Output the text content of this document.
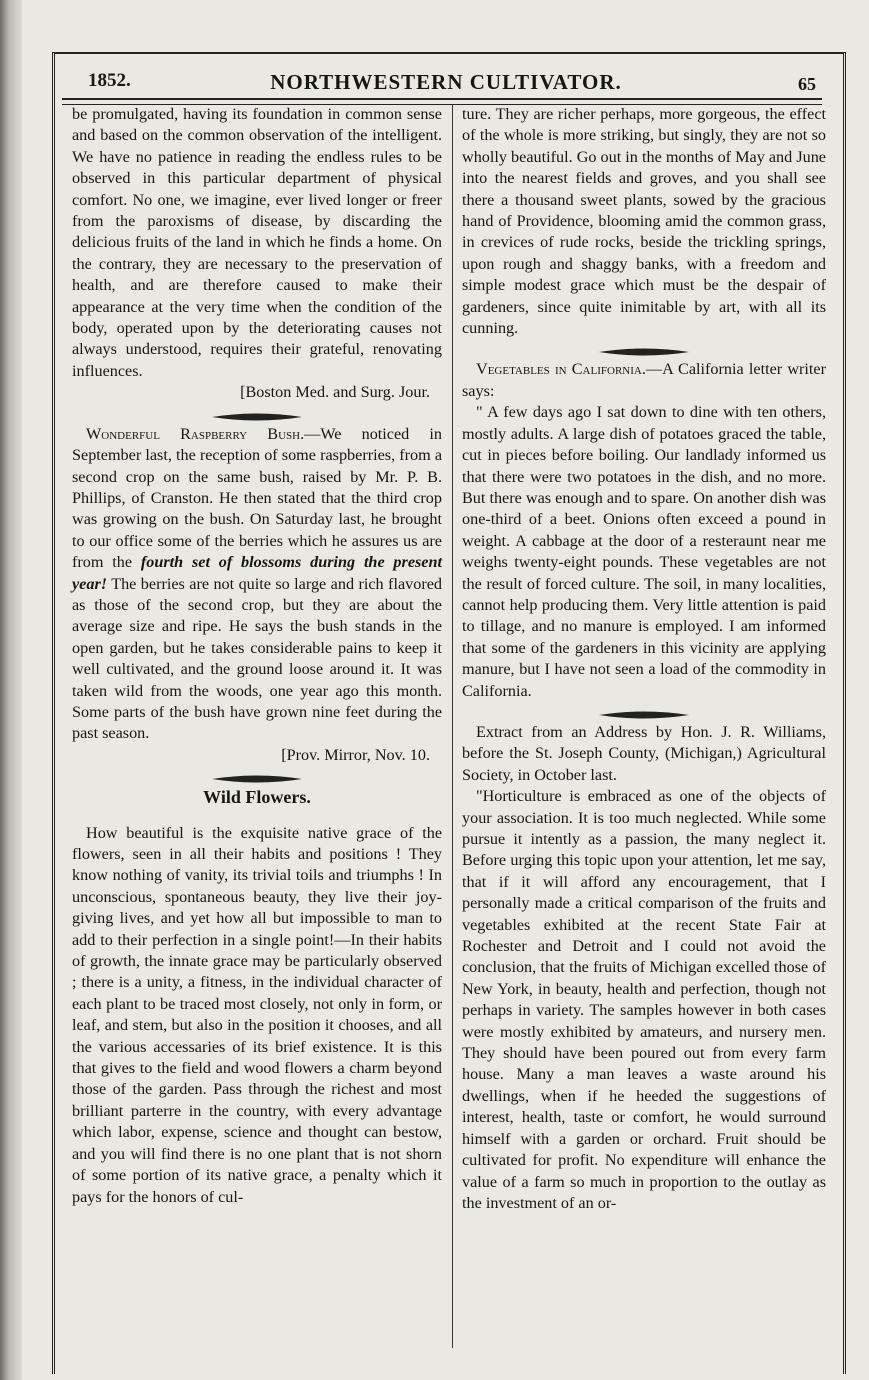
1852.	NORTHWESTERN CULTIVATOR.	65

be promulgated, having its foundation in common sense and based on the common observation of the intelligent. We have no patience in reading the endless rules to be observed in this particular department of physical comfort. No one, we imagine, ever lived longer or freer from the paroxisms of disease, by discarding the delicious fruits of the land in which he finds a home. On the contrary, they are necessary to the preservation of health, and are therefore caused to make their appearance at the very time when the condition of the body, operated upon by the deteriorating causes not always understood, requires their grateful, renovating influences.

[Boston Med. and Surg. Jour.

Wonderful Raspberry Bush.—We noticed in September last, the reception of some raspberries, from a second crop on the same bush, raised by Mr. P. B. Phillips, of Cranston. He then stated that the third crop was growing on the bush. On Saturday last, he brought to our office some of the berries which he assures us are from the fourth set of blossoms during the present year! The berries are not quite so large and rich flavored as those of the second crop, but they are about the average size and ripe. He says the bush stands in the open garden, but he takes considerable pains to keep it well cultivated, and the ground loose around it. It was taken wild from the woods, one year ago this month. Some parts of the bush have grown nine feet during the past season.

[Prov. Mirror, Nov. 10.

Wild Flowers.

How beautiful is the exquisite native grace of the flowers, seen in all their habits and positions ! They know nothing of vanity, its trivial toils and triumphs ! In unconscious, spontaneous beauty, they live their joy-giving lives, and yet how all but impossible to man to add to their perfection in a single point!—In their habits of growth, the innate grace may be particularly observed ; there is a unity, a fitness, in the individual character of each plant to be traced most closely, not only in form, or leaf, and stem, but also in the position it chooses, and all the various accessaries of its brief existence. It is this that gives to the field and wood flowers a charm beyond those of the garden. Pass through the richest and most brilliant parterre in the country, with every advantage which labor, expense, science and thought can bestow, and you will find there is no one plant that is not shorn of some portion of its native grace, a penalty which it pays for the honors of cul-

ture. They are richer perhaps, more gorgeous, the effect of the whole is more striking, but singly, they are not so wholly beautiful. Go out in the months of May and June into the nearest fields and groves, and you shall see there a thousand sweet plants, sowed by the gracious hand of Providence, blooming amid the common grass, in crevices of rude rocks, beside the trickling springs, upon rough and shaggy banks, with a freedom and simple modest grace which must be the despair of gardeners, since quite inimitable by art, with all its cunning.

Vegetables in California.—A California letter writer says:

" A few days ago I sat down to dine with ten others, mostly adults. A large dish of potatoes graced the table, cut in pieces before boiling. Our landlady informed us that there were two potatoes in the dish, and no more. But there was enough and to spare. On another dish was one-third of a beet. Onions often exceed a pound in weight. A cabbage at the door of a resteraunt near me weighs twenty-eight pounds. These vegetables are not the result of forced culture. The soil, in many localities, cannot help producing them. Very little attention is paid to tillage, and no manure is employed. I am informed that some of the gardeners in this vicinity are applying manure, but I have not seen a load of the commodity in California.

Extract from an Address by Hon. J. R. Williams, before the St. Joseph County, (Michigan,) Agricultural Society, in October last.

"Horticulture is embraced as one of the objects of your association. It is too much neglected. While some pursue it intently as a passion, the many neglect it. Before urging this topic upon your attention, let me say, that if it will afford any encouragement, that I personally made a critical comparison of the fruits and vegetables exhibited at the recent State Fair at Rochester and Detroit and I could not avoid the conclusion, that the fruits of Michigan excelled those of New York, in beauty, health and perfection, though not perhaps in variety. The samples however in both cases were mostly exhibited by amateurs, and nursery men. They should have been poured out from every farm house. Many a man leaves a waste around his dwellings, when if he heeded the suggestions of interest, health, taste or comfort, he would surround himself with a garden or orchard. Fruit should be cultivated for profit. No expenditure will enhance the value of a farm so much in proportion to the outlay as the investment of an or-
